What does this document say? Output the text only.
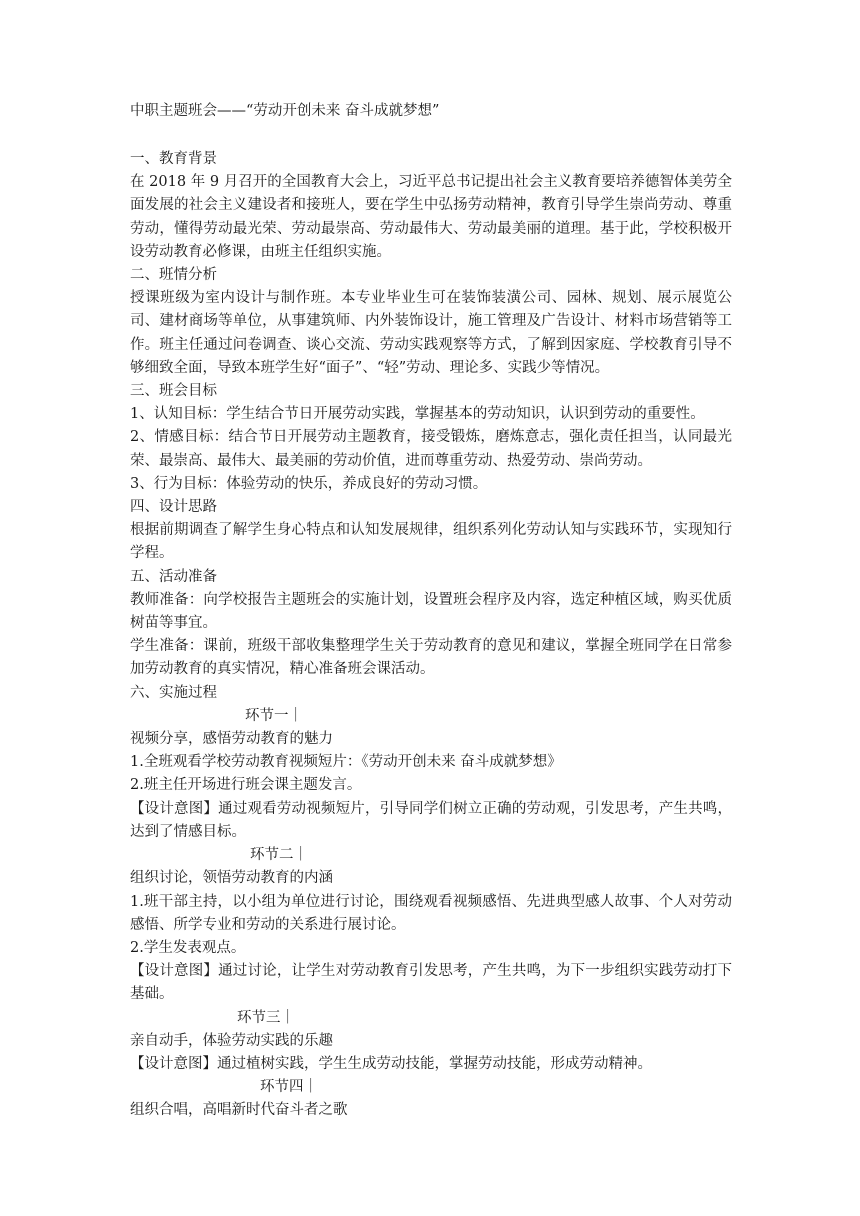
中职主题班会——“劳动开创未来 奋斗成就梦想”

一、教育背景

在 2018 年 9 月召开的全国教育大会上，习近平总书记提出社会主义教育要培养德智体美劳全面发展的社会主义建设者和接班人，要在学生中弘扬劳动精神，教育引导学生崇尚劳动、尊重劳动，懂得劳动最光荣、劳动最崇高、劳动最伟大、劳动最美丽的道理。基于此，学校积极开设劳动教育必修课，由班主任组织实施。

二、班情分析

授课班级为室内设计与制作班。本专业毕业生可在装饰装潢公司、园林、规划、展示展览公司、建材商场等单位，从事建筑师、内外装饰设计，施工管理及广告设计、材料市场营销等工作。班主任通过问卷调查、谈心交流、劳动实践观察等方式，了解到因家庭、学校教育引导不够细致全面，导致本班学生好“面子”、“轻”劳动、理论多、实践少等情况。

三、班会目标

1、认知目标：学生结合节日开展劳动实践，掌握基本的劳动知识，认识到劳动的重要性。

2、情感目标：结合节日开展劳动主题教育，接受锻炼，磨炼意志，强化责任担当，认同最光荣、最崇高、最伟大、最美丽的劳动价值，进而尊重劳动、热爱劳动、崇尚劳动。

3、行为目标：体验劳动的快乐，养成良好的劳动习惯。

四、设计思路

根据前期调查了解学生身心特点和认知发展规律，组织系列化劳动认知与实践环节，实现知行学程。

五、活动准备

教师准备：向学校报告主题班会的实施计划，设置班会程序及内容，选定种植区域，购买优质树苗等事宜。

学生准备：课前，班级干部收集整理学生关于劳动教育的意见和建议，掌握全班同学在日常参加劳动教育的真实情况，精心准备班会课活动。

六、实施过程

环节一｜

视频分享，感悟劳动教育的魅力

1.全班观看学校劳动教育视频短片：《劳动开创未来 奋斗成就梦想》

2.班主任开场进行班会课主题发言。

【设计意图】通过观看劳动视频短片，引导同学们树立正确的劳动观，引发思考，产生共鸣，达到了情感目标。

环节二｜

组织讨论，领悟劳动教育的内涵

1.班干部主持，以小组为单位进行讨论，围绕观看视频感悟、先进典型感人故事、个人对劳动感悟、所学专业和劳动的关系进行展讨论。

2.学生发表观点。

【设计意图】通过讨论，让学生对劳动教育引发思考，产生共鸣，为下一步组织实践劳动打下基础。

环节三｜

亲自动手，体验劳动实践的乐趣

【设计意图】通过植树实践，学生生成劳动技能，掌握劳动技能，形成劳动精神。

环节四｜

组织合唱，高唱新时代奋斗者之歌
